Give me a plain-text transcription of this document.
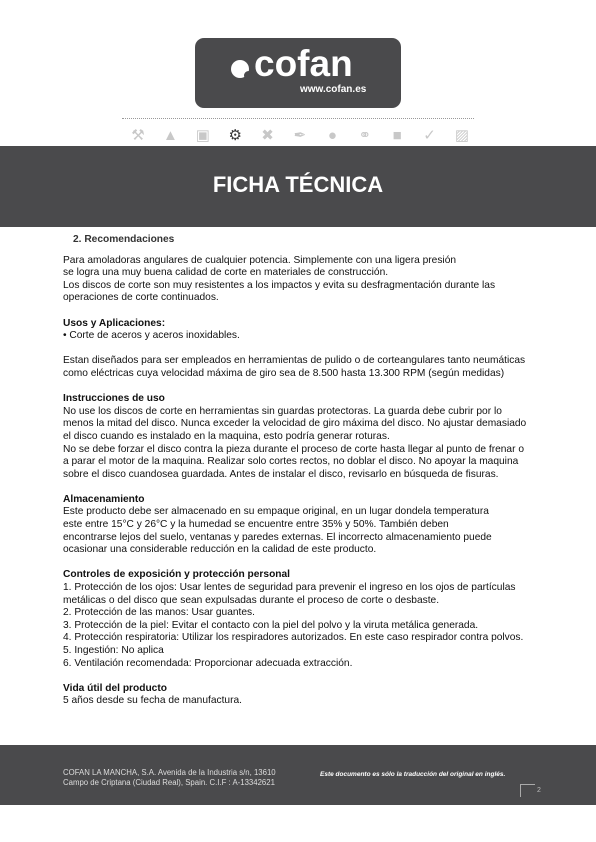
cofan
www.cofan.es
⚒ ▲ ▣ ⚙ ✖ ✒	●	⚭	■	✓ ▨
FICHA TÉCNICA
2. Recomendaciones
Para amoladoras angulares de cualquier potencia. Simplemente con una ligera presión
se logra una muy buena calidad de corte en materiales de construcción.
Los discos de corte son muy resistentes a los impactos y evita su desfragmentación durante las
operaciones de corte continuados.
Usos y Aplicaciones:
• Corte de aceros y aceros inoxidables.
Estan diseñados para ser empleados en herramientas de pulido o de corteangulares tanto neumáticas
como eléctricas cuya velocidad máxima de giro sea de 8.500 hasta 13.300 RPM (según medidas)
Instrucciones de uso
No use los discos de corte en herramientas sin guardas protectoras. La guarda debe cubrir por lo
menos la mitad del disco. Nunca exceder la velocidad de giro máxima del disco. No ajustar demasiado
el disco cuando es instalado en la maquina, esto podría generar roturas.
No se debe forzar el disco contra la pieza durante el proceso de corte hasta llegar al punto de frenar o
a parar el motor de la maquina. Realizar solo cortes rectos, no doblar el disco. No apoyar la maquina
sobre el disco cuandosea guardada. Antes de instalar el disco, revisarlo en búsqueda de fisuras.
Almacenamiento
Este producto debe ser almacenado en su empaque original, en un lugar dondela temperatura
este entre 15°C y 26°C y la humedad se encuentre entre 35% y 50%. También deben
encontrarse lejos del suelo, ventanas y paredes externas. El incorrecto almacenamiento puede
ocasionar una considerable reducción en la calidad de este producto.
Controles de exposición y protección personal
1. Protección de los ojos: Usar lentes de seguridad para prevenir el ingreso en los ojos de partículas
metálicas o del disco que sean expulsadas durante el proceso de corte o desbaste.
2. Protección de las manos: Usar guantes.
3. Protección de la piel: Evitar el contacto con la piel del polvo y la viruta metálica generada.
4. Protección respiratoria: Utilizar los respiradores autorizados. En este caso respirador contra polvos.
5. Ingestión: No aplica
6. Ventilación recomendada: Proporcionar adecuada extracción.
Vida útil del producto
5 años desde su fecha de manufactura.
COFAN LA MANCHA, S.A. Avenida de la Industria s/n, 13610
Campo de Criptana (Ciudad Real), Spain. C.I.F : A-13342621
Este documento es sólo la traducción del original en inglés.
2
